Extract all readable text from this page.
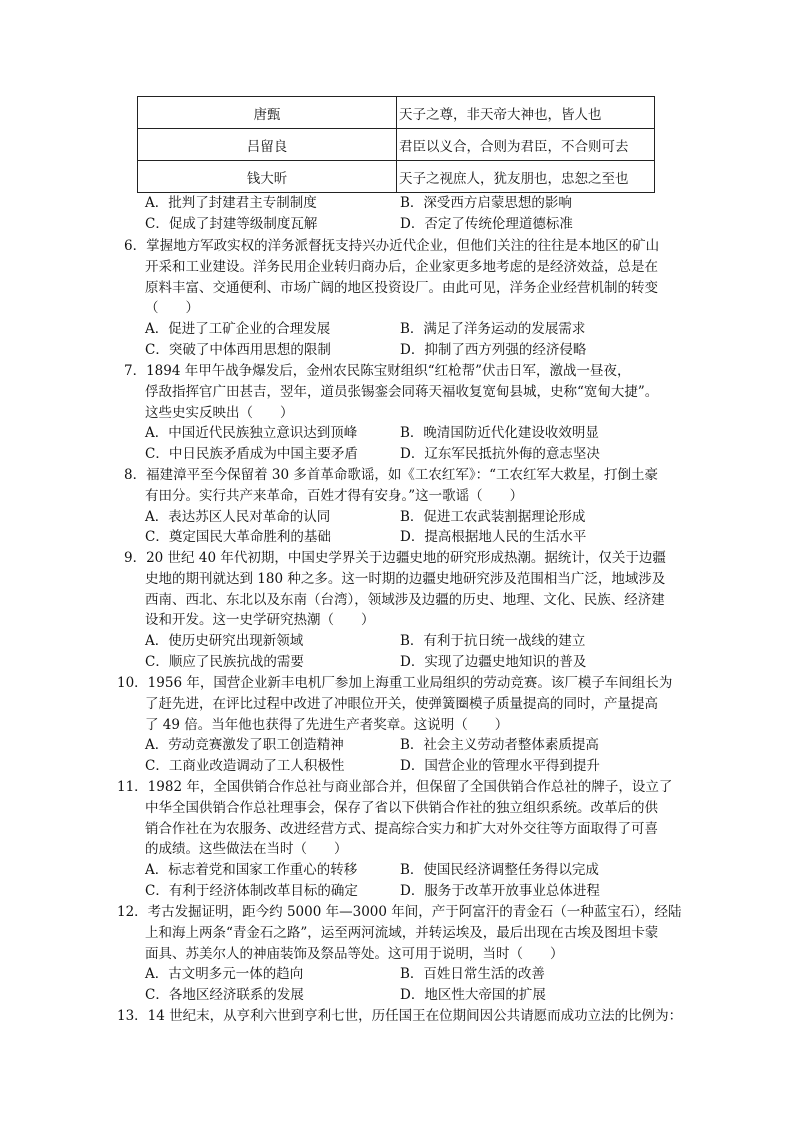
唐甄	天子之尊，非天帝大神也，皆人也
吕留良	君臣以义合，合则为君臣，不合则可去
钱大昕	天子之视庶人，犹友朋也，忠恕之至也
A．批判了封建君主专制制度	B．深受西方启蒙思想的影响
C．促成了封建等级制度瓦解	D．否定了传统伦理道德标准
6．掌握地方军政实权的洋务派督抚支持兴办近代企业，但他们关注的往往是本地区的矿山
开采和工业建设。洋务民用企业转归商办后，企业家更多地考虑的是经济效益，总是在
原料丰富、交通便利、市场广阔的地区投资设厂。由此可见，洋务企业经营机制的转变
（　　）
A．促进了工矿企业的合理发展	B．满足了洋务运动的发展需求
C．突破了中体西用思想的限制	D．抑制了西方列强的经济侵略
7．1894 年甲午战争爆发后，金州农民陈宝财组织“红枪帮”伏击日军，激战一昼夜，
俘敌指挥官广田甚吉，翌年，道员张锡銮会同蒋天福收复宽甸县城，史称“宽甸大捷”。
这些史实反映出（　　）
A．中国近代民族独立意识达到顶峰	B．晚清国防近代化建设收效明显
C．中日民族矛盾成为中国主要矛盾	D．辽东军民抵抗外侮的意志坚决
8．福建漳平至今保留着 30 多首革命歌谣，如《工农红军》：“工农红军大救星，打倒土豪
有田分。实行共产来革命，百姓才得有安身。”这一歌谣（　　）
A．表达苏区人民对革命的认同	B．促进工农武装割据理论形成
C．奠定国民大革命胜利的基础	D．提高根据地人民的生活水平
9．20 世纪 40 年代初期，中国史学界关于边疆史地的研究形成热潮。据统计，仅关于边疆
史地的期刊就达到 180 种之多。这一时期的边疆史地研究涉及范围相当广泛，地域涉及
西南、西北、东北以及东南（台湾），领域涉及边疆的历史、地理、文化、民族、经济建
设和开发。这一史学研究热潮（　　）
A．使历史研究出现新领域	B．有利于抗日统一战线的建立
C．顺应了民族抗战的需要	D．实现了边疆史地知识的普及
10．1956 年，国营企业新丰电机厂参加上海重工业局组织的劳动竞赛。该厂模子车间组长为
了赶先进，在评比过程中改进了冲眼位开关，使弹簧圈模子质量提高的同时，产量提高
了 49 倍。当年他也获得了先进生产者奖章。这说明（　　）
A．劳动竞赛激发了职工创造精神	B．社会主义劳动者整体素质提高
C．工商业改造调动了工人积极性	D．国营企业的管理水平得到提升
11．1982 年，全国供销合作总社与商业部合并，但保留了全国供销合作总社的牌子，设立了
中华全国供销合作总社理事会，保存了省以下供销合作社的独立组织系统。改革后的供
销合作社在为农服务、改进经营方式、提高综合实力和扩大对外交往等方面取得了可喜
的成绩。这些做法在当时（　　）
A．标志着党和国家工作重心的转移	B．使国民经济调整任务得以完成
C．有利于经济体制改革目标的确定	D．服务于改革开放事业总体进程
12．考古发掘证明，距今约 5000 年—3000 年间，产于阿富汗的青金石（一种蓝宝石），经陆
上和海上两条“青金石之路”，运至两河流域，并转运埃及，最后出现在古埃及图坦卡蒙
面具、苏美尔人的神庙装饰及祭品等处。这可用于说明，当时（　　）
A．古文明多元一体的趋向	B．百姓日常生活的改善
C．各地区经济联系的发展	D．地区性大帝国的扩展
13．14 世纪末，从亨利六世到亨利七世，历任国王在位期间因公共请愿而成功立法的比例为：
